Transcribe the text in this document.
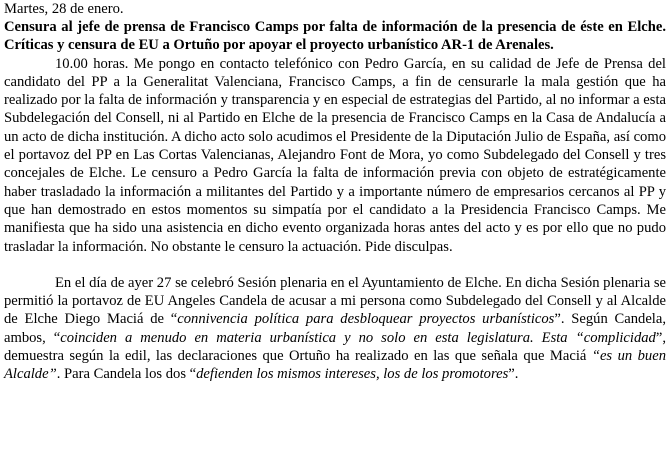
Martes, 28 de enero.

Censura al jefe de prensa de Francisco Camps por falta de información de la presencia de éste en Elche. Críticas y censura de EU a Ortuño por apoyar el proyecto urbanístico AR-1 de Arenales.

10.00 horas. Me pongo en contacto telefónico con Pedro García, en su calidad de Jefe de Prensa del candidato del PP a la Generalitat Valenciana, Francisco Camps, a fin de censurarle la mala gestión que ha realizado por la falta de información y transparencia y en especial de estrategias del Partido, al no informar a esta Subdelegación del Consell, ni al Partido en Elche de la presencia de Francisco Camps en la Casa de Andalucía a un acto de dicha institución. A dicho acto solo acudimos el Presidente de la Diputación Julio de España, así como el portavoz del PP en Las Cortas Valencianas, Alejandro Font de Mora, yo como Subdelegado del Consell y tres concejales de Elche. Le censuro a Pedro García la falta de información previa con objeto de estratégicamente haber trasladado la información a militantes del Partido y a importante número de empresarios cercanos al PP y que han demostrado en estos momentos su simpatía por el candidato a la Presidencia Francisco Camps. Me manifiesta que ha sido una asistencia en dicho evento organizada horas antes del acto y es por ello que no pudo trasladar la información. No obstante le censuro la actuación. Pide disculpas.

En el día de ayer 27 se celebró Sesión plenaria en el Ayuntamiento de Elche. En dicha Sesión plenaria se permitió la portavoz de EU Angeles Candela de acusar a mi persona como Subdelegado del Consell y al Alcalde de Elche Diego Maciá de “connivencia política para desbloquear proyectos urbanísticos”. Según Candela, ambos, “coinciden a menudo en materia urbanística y no solo en esta legislatura. Esta “complicidad”, demuestra según la edil, las declaraciones que Ortuño ha realizado en las que señala que Maciá “es un buen Alcalde”. Para Candela los dos “defienden los mismos intereses, los de los promotores”.
